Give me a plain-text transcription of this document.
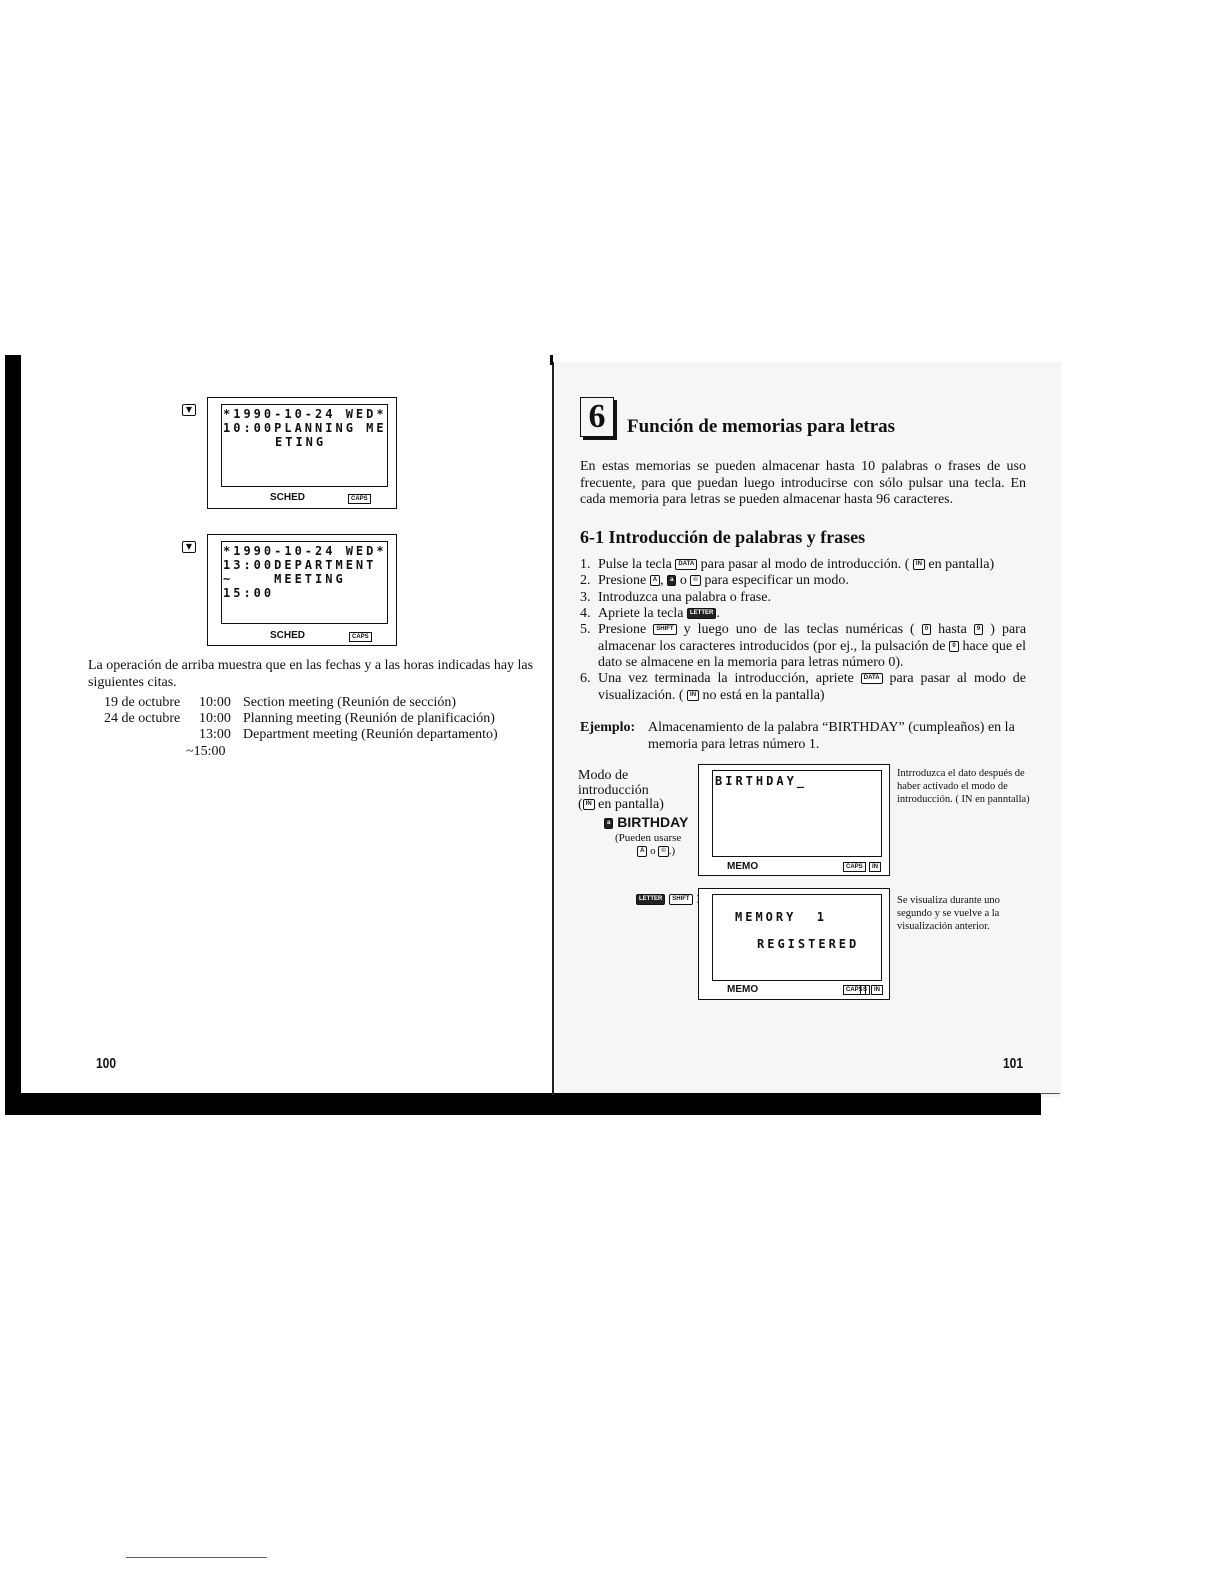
▼	*1990-10-24 WED*
10:00PLANNING ME
ETING
SCHED	CAPS
▼	*1990-10-24 WED*
13:00DEPARTMENT
~    MEETING
15:00
SCHED	CAPS
La operación de arriba muestra que en las fechas y a las horas indicadas hay las siguientes citas.
19 de octubre 10:00 Section meeting (Reunión de sección)
24 de octubre 10:00 Planning meeting (Reunión de planificación)
13:00 Department meeting (Reunión departamento)
~15:00
100
6	Función de memorias para letras
En estas memorias se pueden almacenar hasta 10 palabras o frases de uso frecuente, para que puedan luego introducirse con sólo pulsar una tecla. En cada memoria para letras se pueden almacenar hasta 96 caracteres.
6-1 Introducción de palabras y frases
1. Pulse la tecla DATA para pasar al modo de introducción. ( IN en pantalla)
2. Presione A , a o © para especificar un modo.
3. Introduzca una palabra o frase.
4. Apriete la tecla LETTER .
5. Presione SHIFT y luego uno de las teclas numéricas ( 0 hasta 9 ) para almacenar los caracteres introducidos (por ej., la pulsación de 0 hace que el dato se almacene en la memoria para letras número 0).
6. Una vez terminada la introducción, apriete DATA para pasar al modo de visualización. ( IN no está en la pantalla)
Ejemplo: Almacenamiento de la palabra “BIRTHDAY” (cumpleaños) en la memoria para letras número 1.
Modo de
introducción
( IN en pantalla)
a BIRTHDAY
(Pueden usarse
A o © .)
BIRTHDAY_
MEMO	CAPS	IN
Intrroduzca el dato después de haber activado el modo de introducción. ( IN en panntalla)
LETTER SHIFT
MEMORY  1
REGISTERED
MEMO	CAPS S	IN
Se visualiza durante uno segundo y se vuelve a la visualización anterior.
101
